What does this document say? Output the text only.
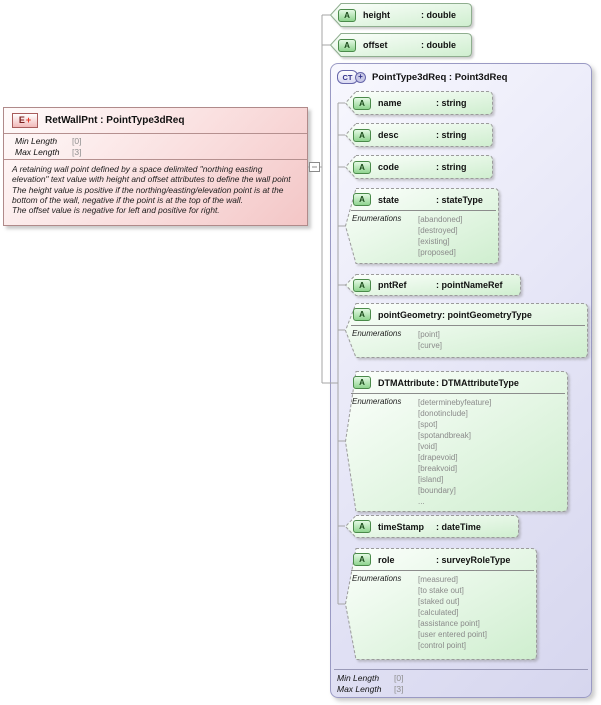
CT + PointType3dReq : Point3dReq
Min Length	[0]
Max Length	[3]
E + RetWallPnt : PointType3dReq
Min Length	[0]
Max Length	[3]

A retaining wall point defined by a space delimited "northing easting elevation" text value with height and offset attributes to define the wall point

The height value is positive if the northing/easting/elevation point is at the bottom of the wall, negative if the point is at the top of the wall.

The offset value is negative for left and positive for right.

A	height	: double
A	offset	: double
A	name	: string
A	desc	: string
A	code	: string
A	state	: stateType
Enumerations	[abandoned]
[destroyed]
[existing]
[proposed]
A	pntRef	: pointNameRef
A	pointGeometry : pointGeometryType
Enumerations	[point]
[curve]
A	DTMAttribute : DTMAttributeType
Enumerations	[determinebyfeature]
[donotinclude]
[spot]
[spotandbreak]
[void]
[drapevoid]
[breakvoid]
[island]
[boundary]
...
A	timeStamp	: dateTime
A	role	: surveyRoleType
Enumerations	[measured]
[to stake out]
[staked out]
[calculated]
[assistance point]
[user entered point]
[control point]
